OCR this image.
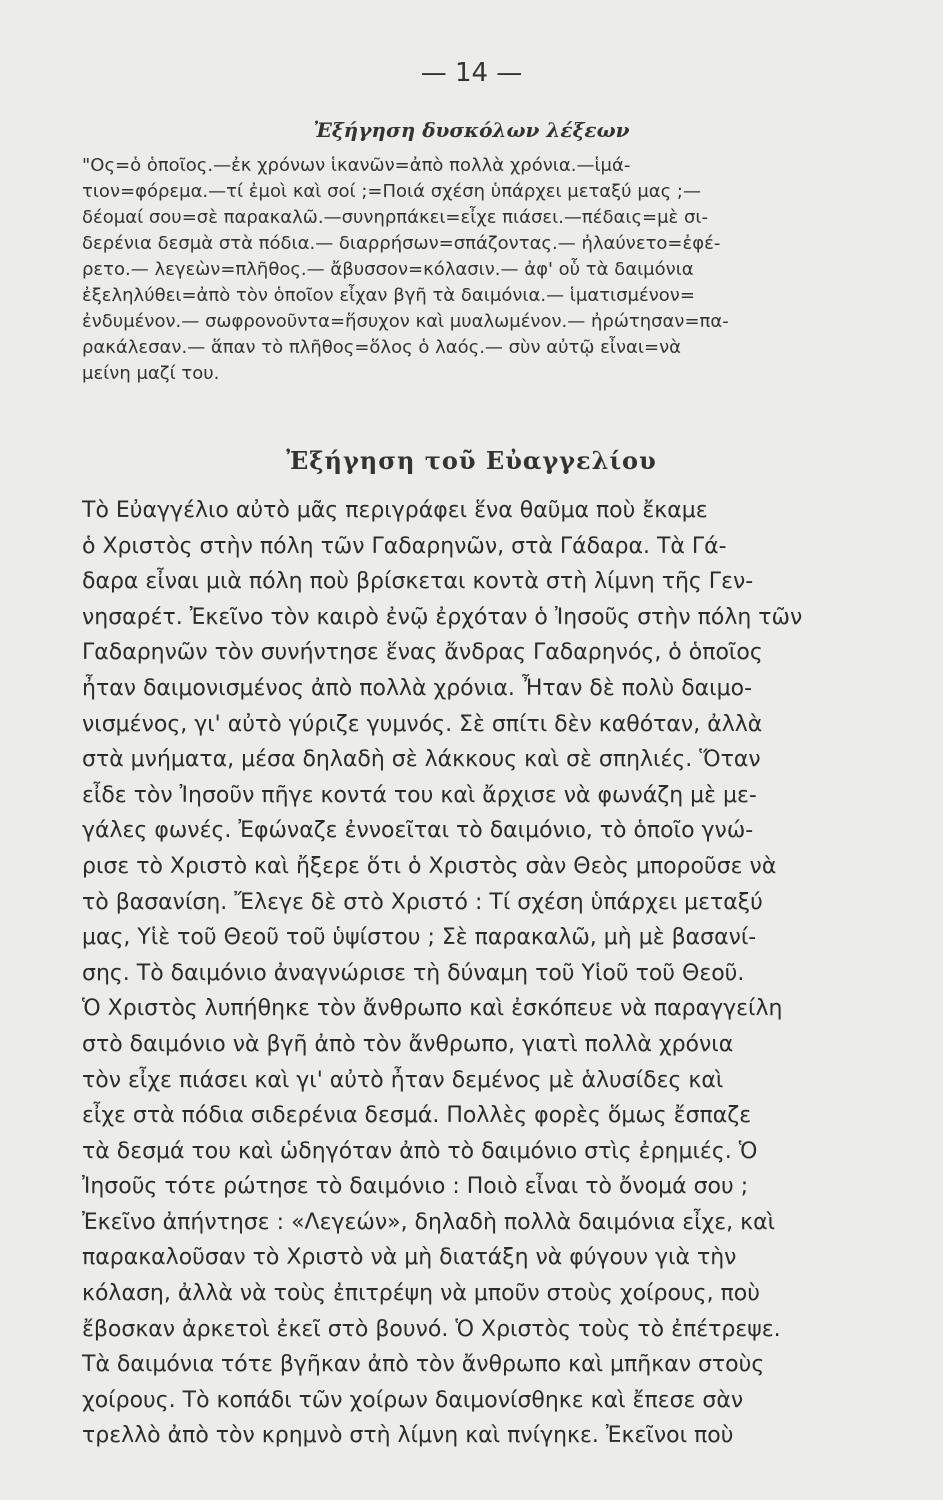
— 14 —
Ἐξήγηση δυσκόλων λέξεων
"Ος=ὁ ὁποῖος.—ἐκ χρόνων ἱκανῶν=ἀπὸ πολλὰ χρόνια.—ἱμά-
τιον=φόρεμα.—τί ἐμοὶ καὶ σοί ;=Ποιά σχέση ὑπάρχει μεταξύ μας ;—
δέομαί σου=σὲ παρακαλῶ.—συνηρπάκει=εἶχε πιάσει.—πέδαις=μὲ σι-
δερένια δεσμὰ στὰ πόδια.— διαρρήσων=σπάζοντας.— ἠλαύνετο=ἐφέ-
ρετο.— λεγεὼν=πλῆθος.— ἄβυσσον=κόλασιν.— ἀφ' οὗ τὰ δαιμόνια
ἐξεληλύθει=ἀπὸ τὸν ὁποῖον εἶχαν βγῆ τὰ δαιμόνια.— ἱματισμένον=
ἐνδυμένον.— σωφρονοῦντα=ἥσυχον καὶ μυαλωμένον.— ἠρώτησαν=πα-
ρακάλεσαν.— ἅπαν τὸ πλῆθος=ὅλος ὁ λαός.— σὺν αὐτῷ εἶναι=νὰ
μείνη μαζί του.
Ἐξήγηση τοῦ Εὐαγγελίου
Τὸ Εὐαγγέλιο αὐτὸ μᾶς περιγράφει ἕνα θαῦμα ποὺ ἔκαμε
ὁ Χριστὸς στὴν πόλη τῶν Γαδαρηνῶν, στὰ Γάδαρα. Τὰ Γά-
δαρα εἶναι μιὰ πόλη ποὺ βρίσκεται κοντὰ στὴ λίμνη τῆς Γεν-
νησαρέτ. Ἐκεῖνο τὸν καιρὸ ἐνῷ ἐρχόταν ὁ Ἰησοῦς στὴν πόλη τῶν
Γαδαρηνῶν τὸν συνήντησε ἕνας ἄνδρας Γαδαρηνός, ὁ ὁποῖος
ἦταν δαιμονισμένος ἀπὸ πολλὰ χρόνια. Ἦταν δὲ πολὺ δαιμο-
νισμένος, γι' αὐτὸ γύριζε γυμνός. Σὲ σπίτι δὲν καθόταν, ἀλλὰ
στὰ μνήματα, μέσα δηλαδὴ σὲ λάκκους καὶ σὲ σπηλιές. Ὅταν
εἶδε τὸν Ἰησοῦν πῆγε κοντά του καὶ ἄρχισε νὰ φωνάζη μὲ με-
γάλες φωνές. Ἐφώναζε ἐννοεῖται τὸ δαιμόνιο, τὸ ὁποῖο γνώ-
ρισε τὸ Χριστὸ καὶ ἤξερε ὅτι ὁ Χριστὸς σὰν Θεὸς μποροῦσε νὰ
τὸ βασανίση. Ἔλεγε δὲ στὸ Χριστό : Τί σχέση ὑπάρχει μεταξύ
μας, Υἱὲ τοῦ Θεοῦ τοῦ ὑψίστου ; Σὲ παρακαλῶ, μὴ μὲ βασανί-
σης. Τὸ δαιμόνιο ἀναγνώρισε τὴ δύναμη τοῦ Υἱοῦ τοῦ Θεοῦ.
Ὁ Χριστὸς λυπήθηκε τὸν ἄνθρωπο καὶ ἐσκόπευε νὰ παραγγείλη
στὸ δαιμόνιο νὰ βγῆ ἀπὸ τὸν ἄνθρωπο, γιατὶ πολλὰ χρόνια
τὸν εἶχε πιάσει καὶ γι' αὐτὸ ἦταν δεμένος μὲ ἁλυσίδες καὶ
εἶχε στὰ πόδια σιδερένια δεσμά. Πολλὲς φορὲς ὅμως ἔσπαζε
τὰ δεσμά του καὶ ὡδηγόταν ἀπὸ τὸ δαιμόνιο στὶς ἐρημιές. Ὁ
Ἰησοῦς τότε ρώτησε τὸ δαιμόνιο : Ποιὸ εἶναι τὸ ὄνομά σου ;
Ἐκεῖνο ἀπήντησε : «Λεγεών», δηλαδὴ πολλὰ δαιμόνια εἶχε, καὶ
παρακαλοῦσαν τὸ Χριστὸ νὰ μὴ διατάξη νὰ φύγουν γιὰ τὴν
κόλαση, ἀλλὰ νὰ τοὺς ἐπιτρέψη νὰ μποῦν στοὺς χοίρους, ποὺ
ἔβοσκαν ἀρκετοὶ ἐκεῖ στὸ βουνό. Ὁ Χριστὸς τοὺς τὸ ἐπέτρεψε.
Τὰ δαιμόνια τότε βγῆκαν ἀπὸ τὸν ἄνθρωπο καὶ μπῆκαν στοὺς
χοίρους. Τὸ κοπάδι τῶν χοίρων δαιμονίσθηκε καὶ ἔπεσε σὰν
τρελλὸ ἀπὸ τὸν κρημνὸ στὴ λίμνη καὶ πνίγηκε. Ἐκεῖνοι ποὺ
